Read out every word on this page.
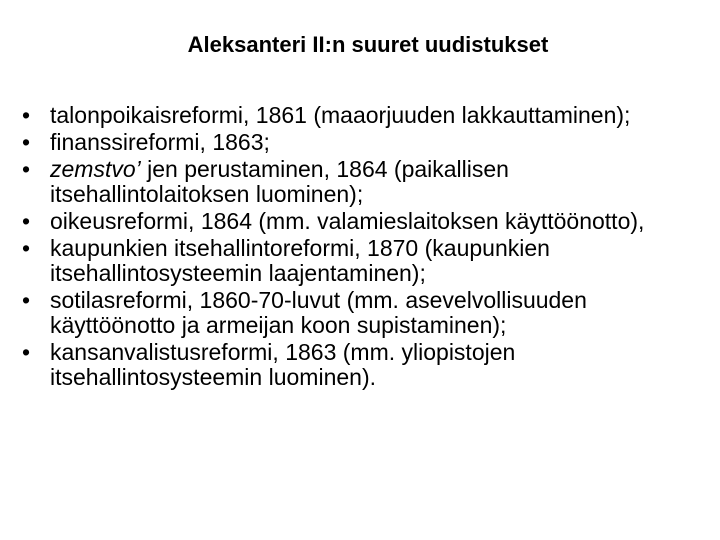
Aleksanteri II:n suuret uudistukset
• talonpoikaisreformi, 1861 (maaorjuuden lakkauttaminen);
• finanssireformi, 1863;
• zemstvo’ jen perustaminen, 1864 (paikallisen itsehallintolaitoksen luominen);
• oikeusreformi, 1864 (mm. valamieslaitoksen käyttöönotto),
• kaupunkien itsehallintoreformi, 1870 (kaupunkien itsehallintosysteemin laajentaminen);
• sotilasreformi, 1860-70-luvut (mm. asevelvollisuuden käyttöönotto ja armeijan koon supistaminen);
• kansanvalistusreformi, 1863 (mm. yliopistojen itsehallintosysteemin luominen).
